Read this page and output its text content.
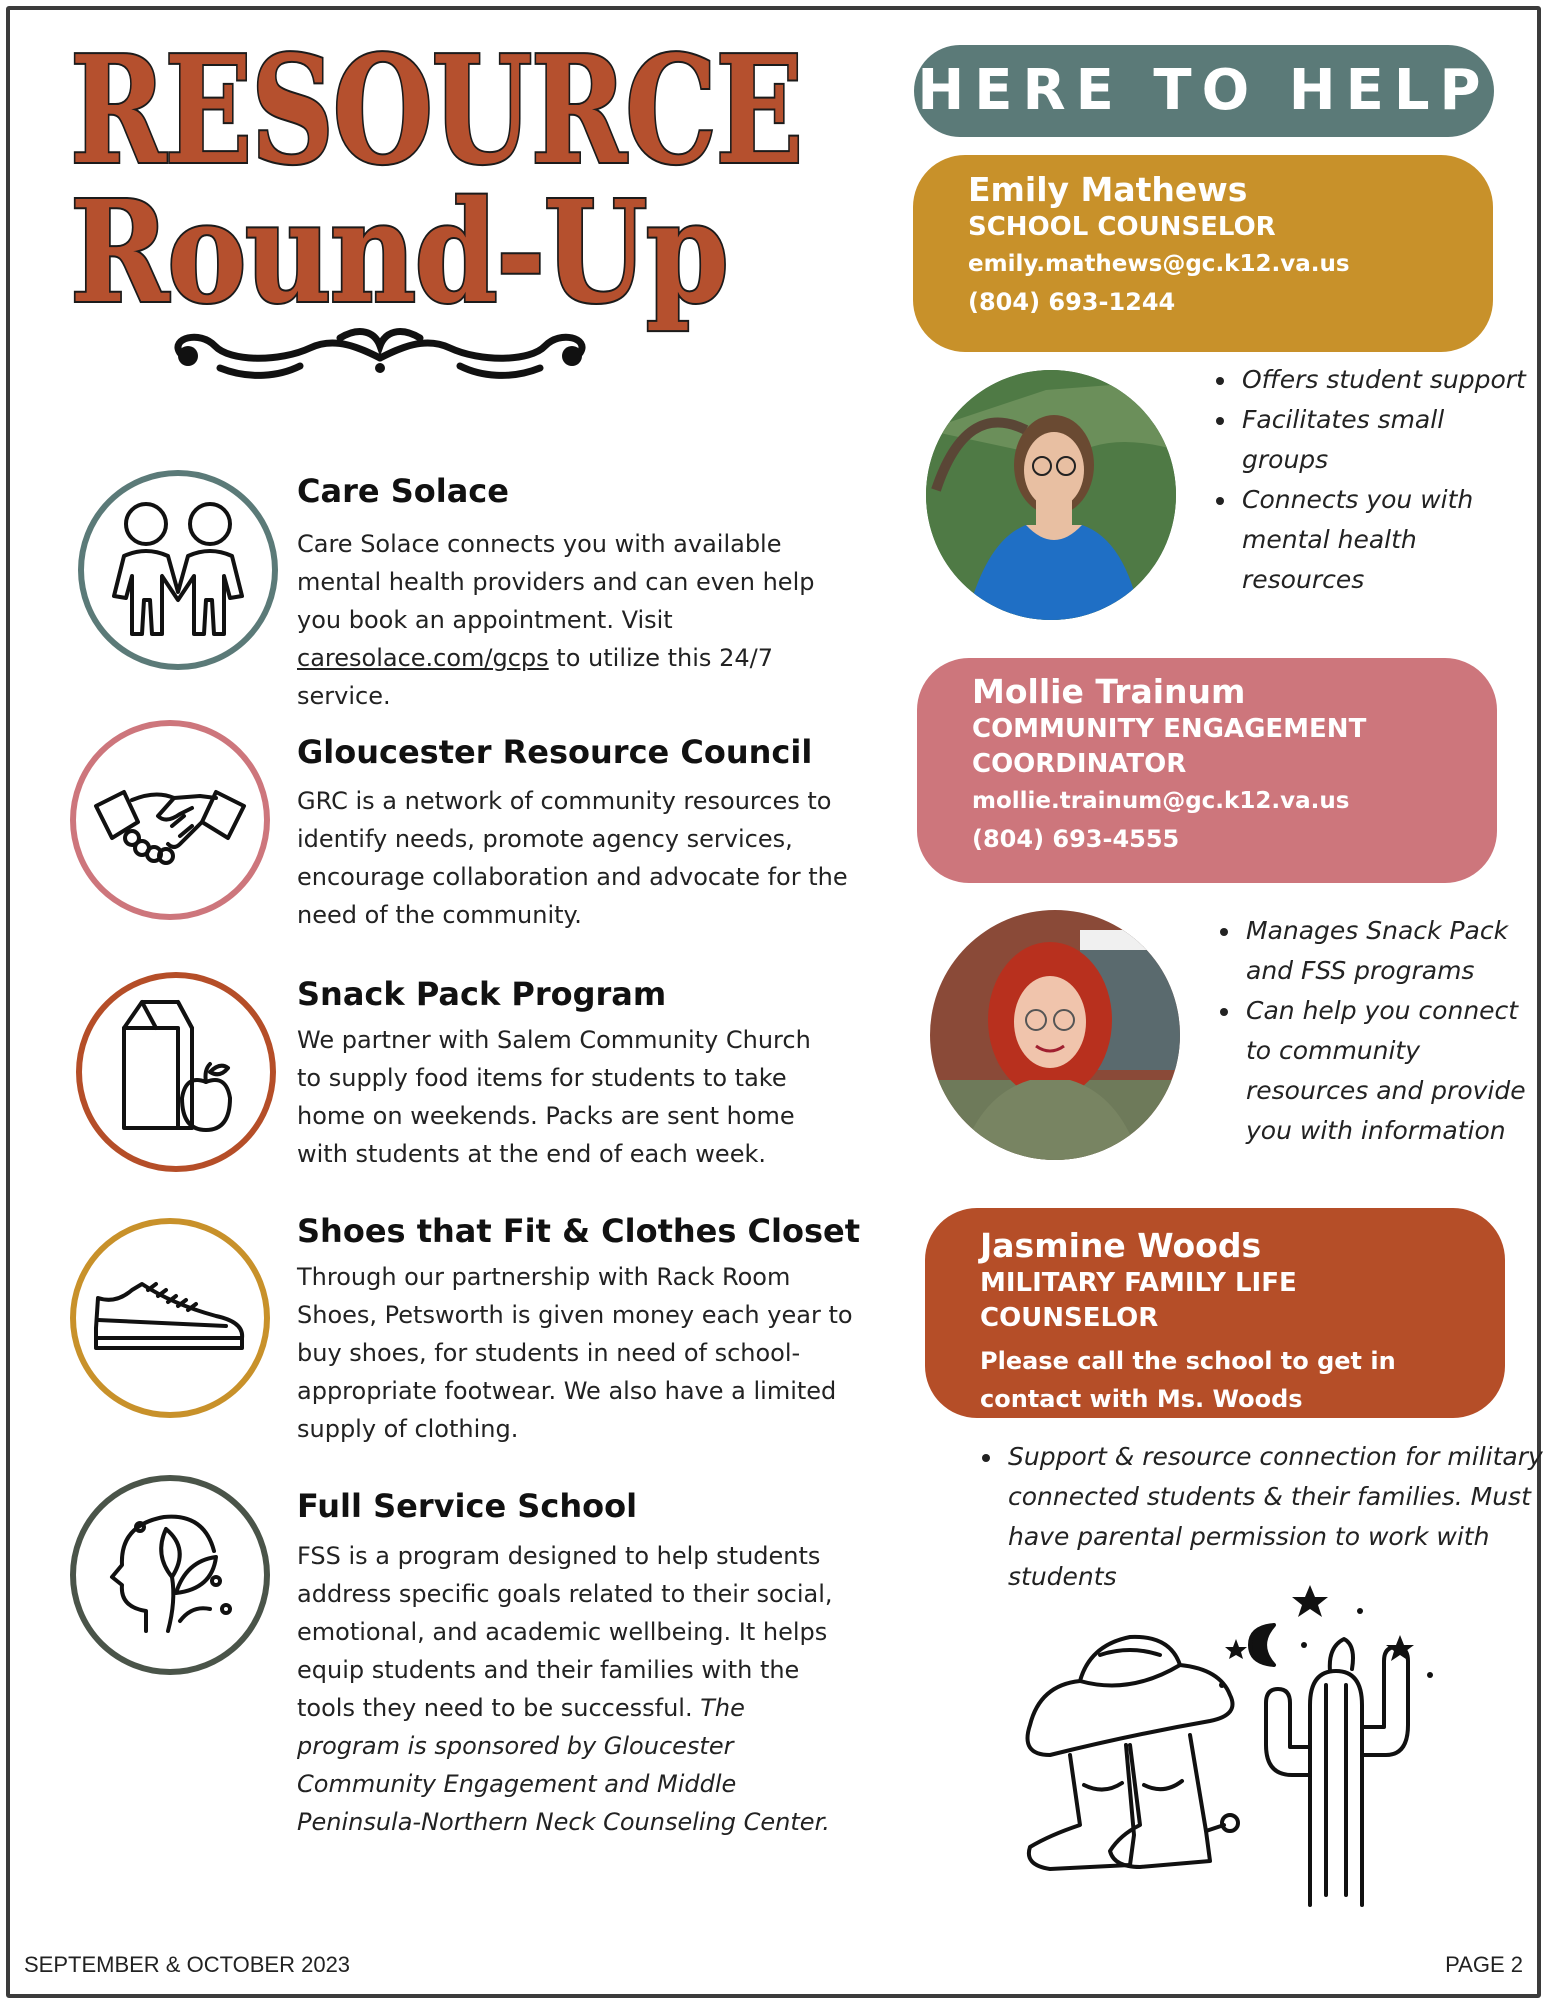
RESOURCE
Round-Up
Care Solace
Care Solace connects you with available mental health providers and can even help you book an appointment. Visit caresolace.com/gcps to utilize this 24/7 service.
Gloucester Resource Council
GRC is a network of community resources to identify needs, promote agency services, encourage collaboration and advocate for the need of the community.
Snack Pack Program
We partner with Salem Community Church to supply food items for students to take home on weekends. Packs are sent home with students at the end of each week.
Shoes that Fit & Clothes Closet
Through our partnership with Rack Room Shoes, Petsworth is given money each year to buy shoes, for students in need of school-appropriate footwear. We also have a limited supply of clothing.
Full Service School
FSS is a program designed to help students address specific goals related to their social, emotional, and academic wellbeing. It helps equip students and their families with the tools they need to be successful. The program is sponsored by Gloucester Community Engagement and Middle Peninsula-Northern Neck Counseling Center.
HERE TO HELP
Emily Mathews
SCHOOL COUNSELOR
emily.mathews@gc.k12.va.us
(804) 693-1244
• Offers student support
• Facilitates small groups
• Connects you with mental health resources
Mollie Trainum
COMMUNITY ENGAGEMENT
COORDINATOR
mollie.trainum@gc.k12.va.us
(804) 693-4555
• Manages Snack Pack and FSS programs
• Can help you connect to community resources and provide you with information
Jasmine Woods
MILITARY FAMILY LIFE COUNSELOR
Please call the school to get in contact with Ms. Woods
• Support & resource connection for military connected students & their families. Must have parental permission to work with students
SEPTEMBER & OCTOBER 2023	PAGE 2
